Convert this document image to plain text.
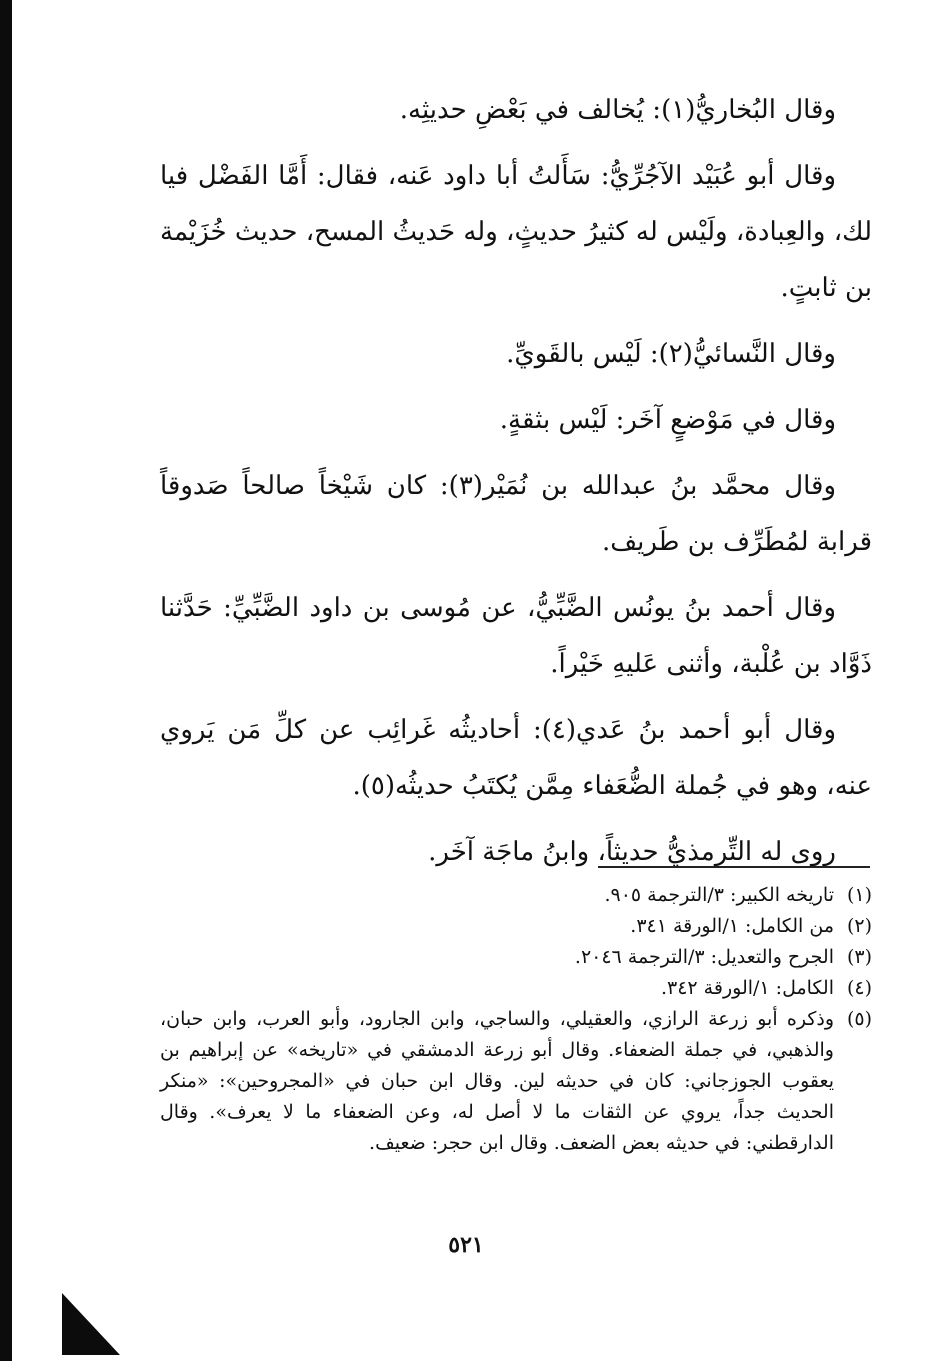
وقال البُخاريُّ(١): يُخالف في بَعْضِ حديثِه.

وقال أبو عُبَيْد الآجُرِّيُّ: سَأَلتُ أبا داود عَنه، فقال: أَمَّا الفَضْل فيا لك، والعِبادة، ولَيْس له كثيرُ حديثٍ، وله حَديثُ المسح، حديث خُزَيْمة بن ثابتٍ.

وقال النَّسائيُّ(٢): لَيْس بالقَويِّ.

وقال في مَوْضعٍ آخَر: لَيْس بثقةٍ.

وقال محمَّد بنُ عبدالله بن نُمَيْر(٣): كان شَيْخاً صالحاً صَدوقاً قرابة لمُطَرِّف بن طَريف.

وقال أحمد بنُ يونُس الضَّبِّيُّ، عن مُوسى بن داود الضَّبِّيِّ: حَدَّثنا ذَوَّاد بن عُلْبة، وأثنى عَليهِ خَيْراً.

وقال أبو أحمد بنُ عَدي(٤): أحاديثُه غَرائِب عن كلِّ مَن يَروي عنه، وهو في جُملة الضُّعَفاء مِمَّن يُكتَبُ حديثُه(٥).

روى له التِّرمذيُّ حديثاً، وابنُ ماجَة آخَر.

(١)
تاريخه الكبير: ٣/الترجمة ٩٠٥.
(٢)
من الكامل: ١/الورقة ٣٤١.
(٣)
الجرح والتعديل: ٣/الترجمة ٢٠٤٦.
(٤)
الكامل: ١/الورقة ٣٤٢.
(٥)
وذكره أبو زرعة الرازي، والعقيلي، والساجي، وابن الجارود، وأبو العرب، وابن حبان، والذهبي، في جملة الضعفاء. وقال أبو زرعة الدمشقي في «تاريخه» عن إبراهيم بن يعقوب الجوزجاني: كان في حديثه لين. وقال ابن حبان في «المجروحين»: «منكر الحديث جداً، يروي عن الثقات ما لا أصل له، وعن الضعفاء ما لا يعرف». وقال الدارقطني: في حديثه بعض الضعف. وقال ابن حجر: ضعيف.
٥٢١
